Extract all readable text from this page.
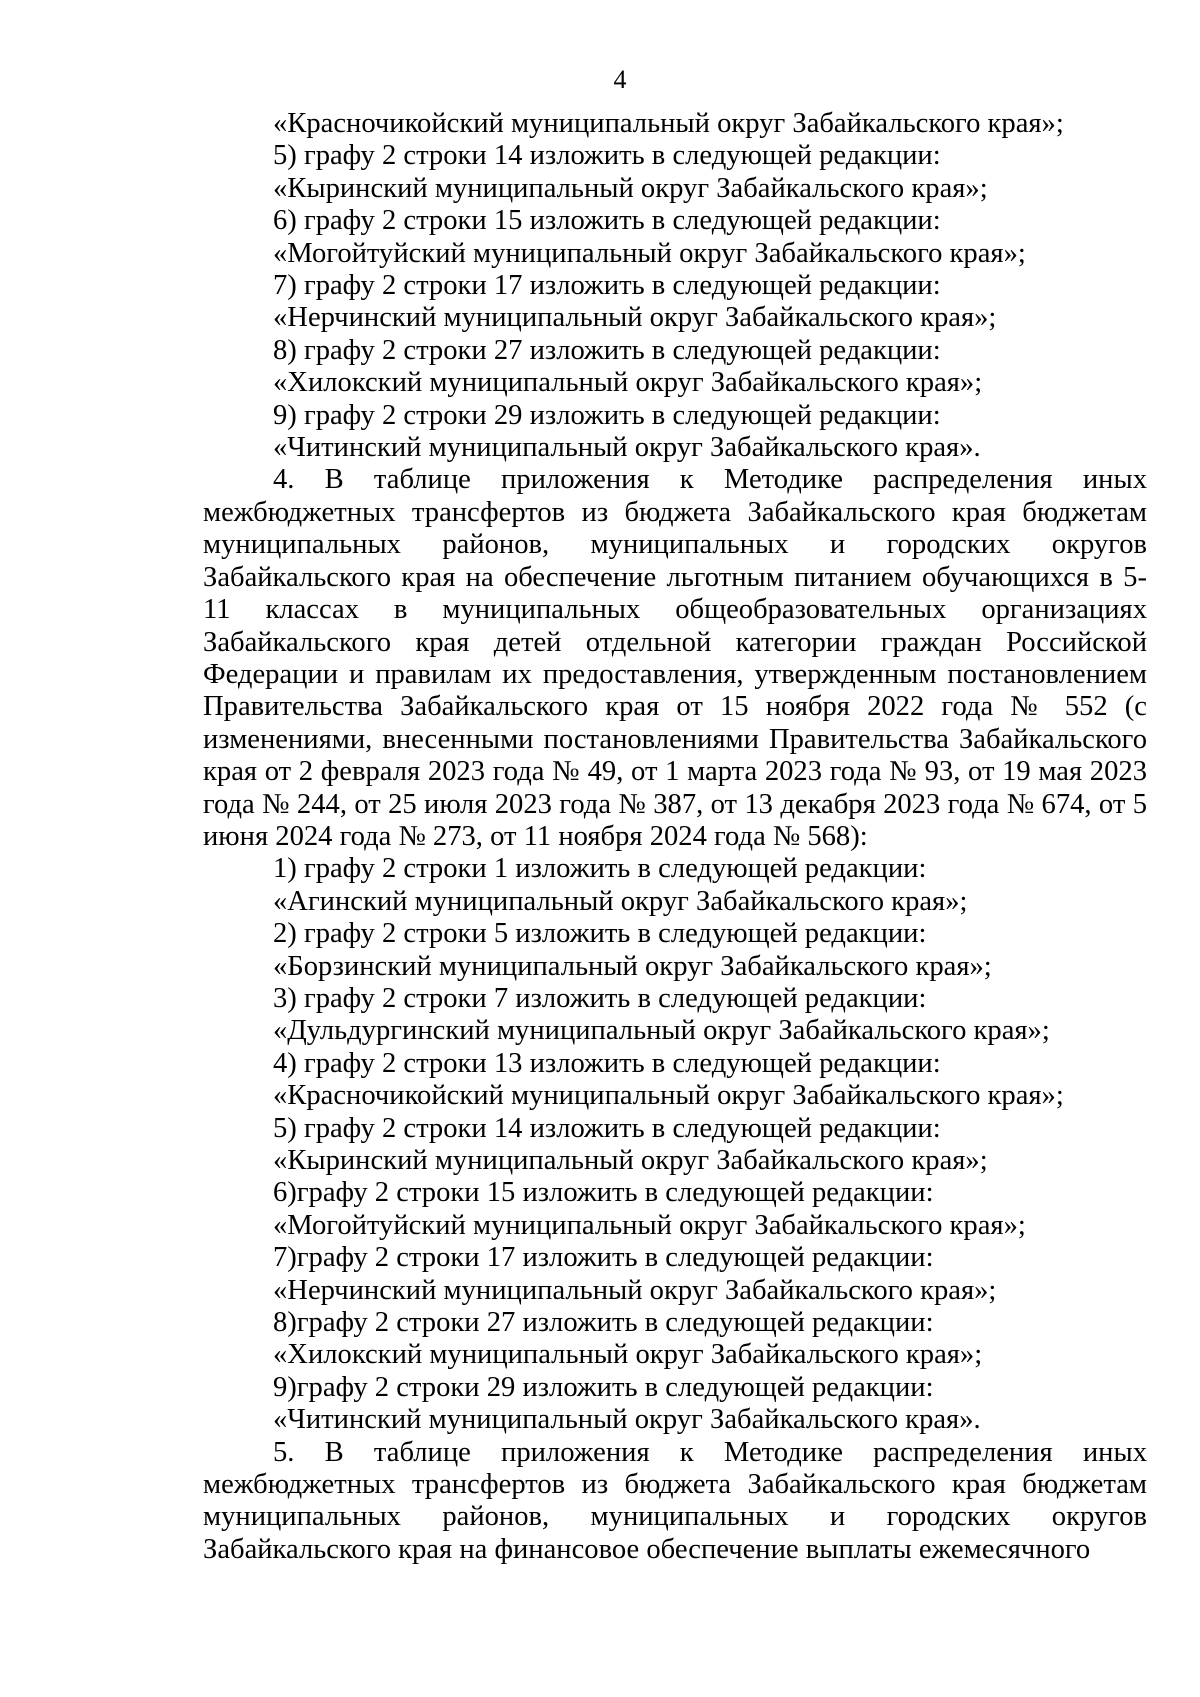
4
«Красночикойский муниципальный округ Забайкальского края»;
5) графу 2 строки 14 изложить в следующей редакции:
«Кыринский муниципальный округ Забайкальского края»;
6) графу 2 строки 15 изложить в следующей редакции:
«Могойтуйский муниципальный округ Забайкальского края»;
7) графу 2 строки 17 изложить в следующей редакции:
«Нерчинский муниципальный округ Забайкальского края»;
8) графу 2 строки 27 изложить в следующей редакции:
«Хилокский муниципальный округ Забайкальского края»;
9) графу 2 строки 29 изложить в следующей редакции:
«Читинский муниципальный округ Забайкальского края».

4. В таблице приложения к Методике распределения иных межбюджетных трансфертов из бюджета Забайкальского края бюджетам муниципальных районов, муниципальных и городских округов Забайкальского края на обеспечение льготным питанием обучающихся в 5-11 классах в муниципальных общеобразовательных организациях Забайкальского края детей отдельной категории граждан Российской Федерации и правилам их предоставления, утвержденным постановлением Правительства Забайкальского края от 15 ноября 2022 года № 552 (с изменениями, внесенными постановлениями Правительства Забайкальского края от 2 февраля 2023 года № 49, от 1 марта 2023 года № 93, от 19 мая 2023 года № 244, от 25 июля 2023 года № 387, от 13 декабря 2023 года № 674, от 5 июня 2024 года № 273, от 11 ноября 2024 года № 568):

1) графу 2 строки 1 изложить в следующей редакции:
«Агинский муниципальный округ Забайкальского края»;
2) графу 2 строки 5 изложить в следующей редакции:
«Борзинский муниципальный округ Забайкальского края»;
3) графу 2 строки 7 изложить в следующей редакции:
«Дульдургинский муниципальный округ Забайкальского края»;
4) графу 2 строки 13 изложить в следующей редакции:
«Красночикойский муниципальный округ Забайкальского края»;
5) графу 2 строки 14 изложить в следующей редакции:
«Кыринский муниципальный округ Забайкальского края»;
6)графу 2 строки 15 изложить в следующей редакции:
«Могойтуйский муниципальный округ Забайкальского края»;
7)графу 2 строки 17 изложить в следующей редакции:
«Нерчинский муниципальный округ Забайкальского края»;
8)графу 2 строки 27 изложить в следующей редакции:
«Хилокский муниципальный округ Забайкальского края»;
9)графу 2 строки 29 изложить в следующей редакции:
«Читинский муниципальный округ Забайкальского края».

5. В таблице приложения к Методике распределения иных межбюджетных трансфертов из бюджета Забайкальского края бюджетам муниципальных районов, муниципальных и городских округов Забайкальского края на финансовое обеспечение выплаты ежемесячного
